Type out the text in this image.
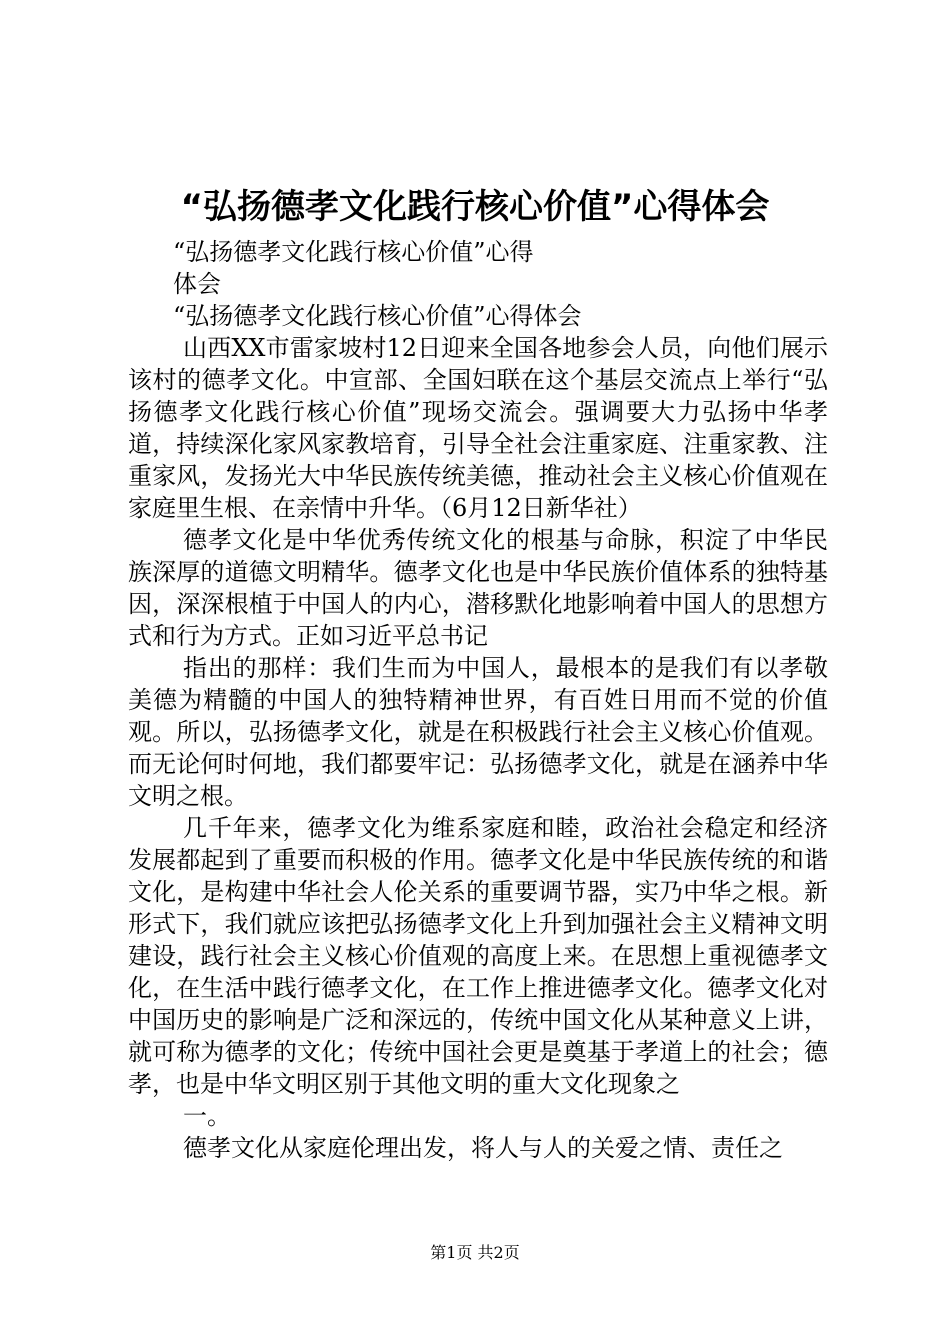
“弘扬德孝文化践行核心价值”心得体会

“弘扬德孝文化践行核心价值”心得

体会

“弘扬德孝文化践行核心价值”心得体会

山西XX市雷家坡村12日迎来全国各地参会人员，向他们展示该村的德孝文化。中宣部、全国妇联在这个基层交流点上举行“弘扬德孝文化践行核心价值”现场交流会。强调要大力弘扬中华孝道，持续深化家风家教培育，引导全社会注重家庭、注重家教、注重家风，发扬光大中华民族传统美德，推动社会主义核心价值观在家庭里生根、在亲情中升华。（6月12日新华社）

德孝文化是中华优秀传统文化的根基与命脉，积淀了中华民族深厚的道德文明精华。德孝文化也是中华民族价值体系的独特基因，深深根植于中国人的内心，潜移默化地影响着中国人的思想方式和行为方式。正如习近平总书记

指出的那样：我们生而为中国人，最根本的是我们有以孝敬美德为精髓的中国人的独特精神世界，有百姓日用而不觉的价值观。所以，弘扬德孝文化，就是在积极践行社会主义核心价值观。而无论何时何地，我们都要牢记：弘扬德孝文化，就是在涵养中华文明之根。

几千年来，德孝文化为维系家庭和睦，政治社会稳定和经济发展都起到了重要而积极的作用。德孝文化是中华民族传统的和谐文化，是构建中华社会人伦关系的重要调节器，实乃中华之根。新形式下，我们就应该把弘扬德孝文化上升到加强社会主义精神文明建设，践行社会主义核心价值观的高度上来。在思想上重视德孝文化，在生活中践行德孝文化，在工作上推进德孝文化。德孝文化对中国历史的影响是广泛和深远的，传统中国文化从某种意义上讲，就可称为德孝的文化；传统中国社会更是奠基于孝道上的社会；德孝，也是中华文明区别于其他文明的重大文化现象之

一。

德孝文化从家庭伦理出发，将人与人的关爱之情、责任之

第1页 共2页
